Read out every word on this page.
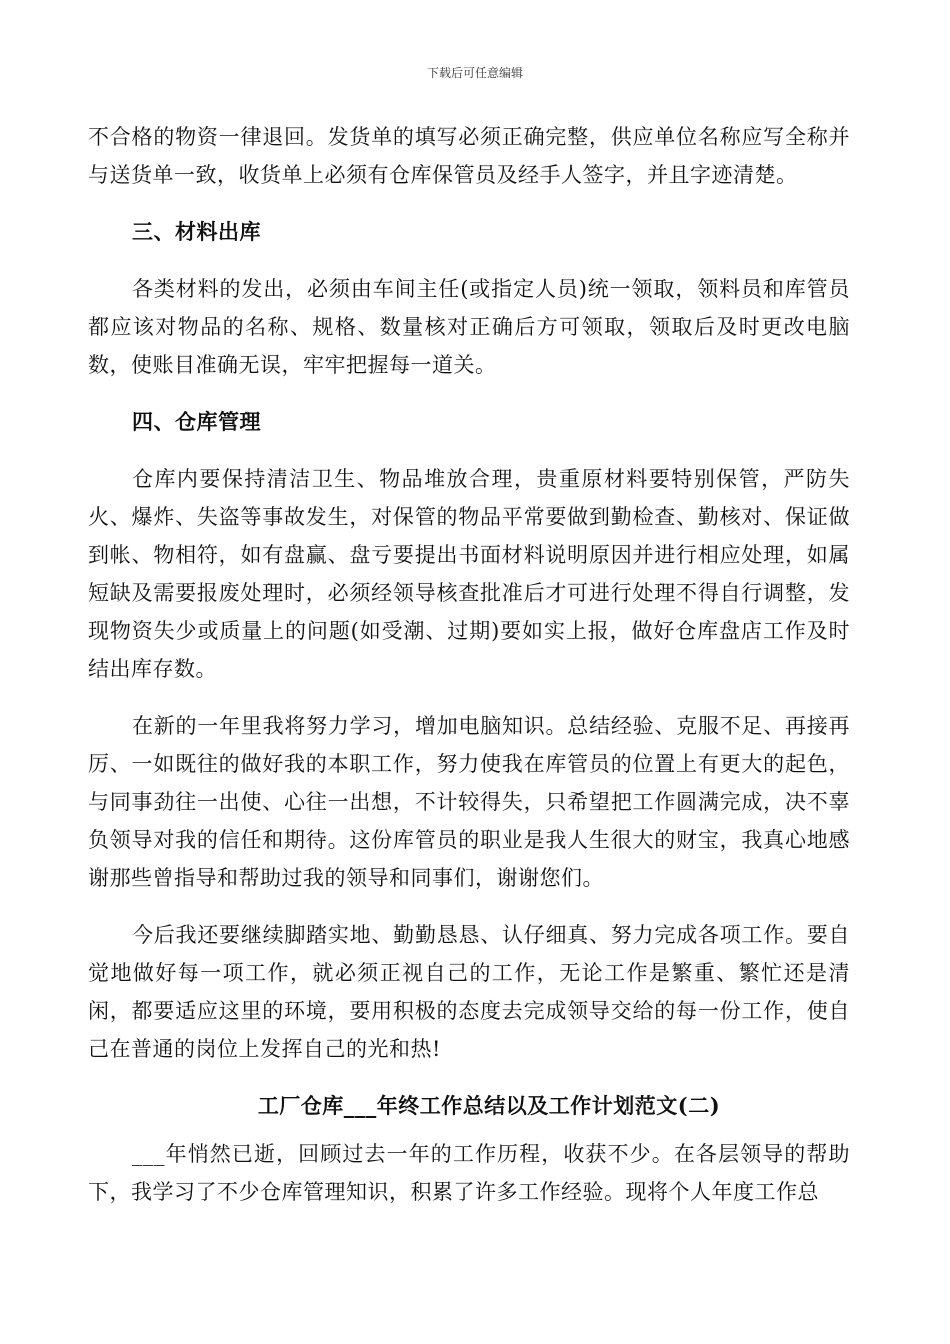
下载后可任意编辑

不合格的物资一律退回。发货单的填写必须正确完整，供应单位名称应写全称并与送货单一致，收货单上必须有仓库保管员及经手人签字，并且字迹清楚。

三、材料出库

各类材料的发出，必须由车间主任(或指定人员)统一领取，领料员和库管员都应该对物品的名称、规格、数量核对正确后方可领取，领取后及时更改电脑数，使账目准确无误，牢牢把握每一道关。

四、仓库管理

仓库内要保持清洁卫生、物品堆放合理，贵重原材料要特别保管，严防失火、爆炸、失盗等事故发生，对保管的物品平常要做到勤检查、勤核对、保证做到帐、物相符，如有盘赢、盘亏要提出书面材料说明原因并进行相应处理，如属短缺及需要报废处理时，必须经领导核查批准后才可进行处理不得自行调整，发现物资失少或质量上的问题(如受潮、过期)要如实上报，做好仓库盘店工作及时结出库存数。

在新的一年里我将努力学习，增加电脑知识。总结经验、克服不足、再接再厉、一如既往的做好我的本职工作，努力使我在库管员的位置上有更大的起色，与同事劲往一出使、心往一出想，不计较得失，只希望把工作圆满完成，决不辜负领导对我的信任和期待。这份库管员的职业是我人生很大的财宝，我真心地感谢那些曾指导和帮助过我的领导和同事们，谢谢您们。

今后我还要继续脚踏实地、勤勤恳恳、认仔细真、努力完成各项工作。要自觉地做好每一项工作，就必须正视自己的工作，无论工作是繁重、繁忙还是清闲，都要适应这里的环境，要用积极的态度去完成领导交给的每一份工作，使自己在普通的岗位上发挥自己的光和热!

工厂仓库___年终工作总结以及工作计划范文(二)

___年悄然已逝，回顾过去一年的工作历程，收获不少。在各层领导的帮助下，我学习了不少仓库管理知识，积累了许多工作经验。现将个人年度工作总
